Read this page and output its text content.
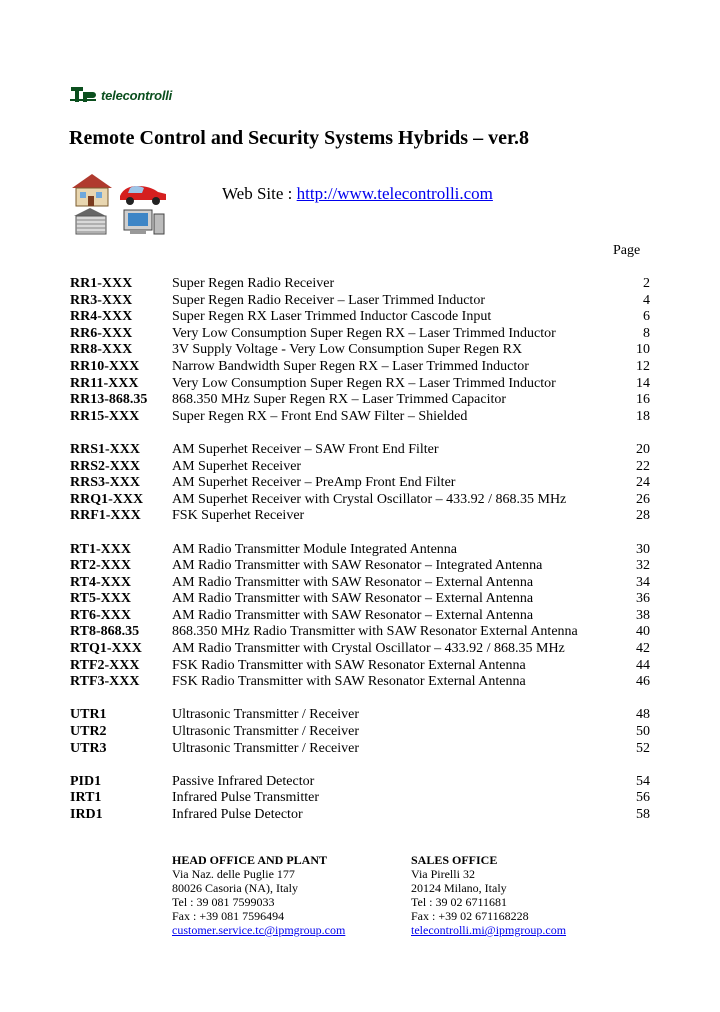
telecontrolli
Remote Control and Security Systems Hybrids – ver.8
Web Site : http://www.telecontrolli.com
Page
RR1-XXX	Super Regen Radio Receiver	2
RR3-XXX	Super Regen Radio Receiver – Laser Trimmed Inductor	4
RR4-XXX	Super Regen RX Laser Trimmed Inductor Cascode Input	6
RR6-XXX	Very Low Consumption Super Regen RX – Laser Trimmed Inductor	8
RR8-XXX	3V Supply Voltage - Very Low Consumption Super Regen RX	10
RR10-XXX Narrow Bandwidth Super Regen RX – Laser Trimmed Inductor	12
RR11-XXX Very Low Consumption Super Regen RX – Laser Trimmed Inductor	14
RR13-868.35 868.350 MHz Super Regen RX – Laser Trimmed Capacitor	16
RR15-XXX Super Regen RX – Front End SAW Filter – Shielded	18
RRS1-XXX AM Superhet Receiver – SAW Front End Filter	20
RRS2-XXX AM Superhet Receiver	22
RRS3-XXX AM Superhet Receiver – PreAmp Front End Filter	24
RRQ1-XXX AM Superhet Receiver with Crystal Oscillator – 433.92 / 868.35 MHz	26
RRF1-XXX FSK Superhet Receiver	28
RT1-XXX	AM Radio Transmitter Module Integrated Antenna	30
RT2-XXX	AM Radio Transmitter with SAW Resonator – Integrated Antenna	32
RT4-XXX	AM Radio Transmitter with SAW Resonator – External Antenna	34
RT5-XXX	AM Radio Transmitter with SAW Resonator – External Antenna	36
RT6-XXX	AM Radio Transmitter with SAW Resonator – External Antenna	38
RT8-868.35 868.350 MHz Radio Transmitter with SAW Resonator External Antenna	40
RTQ1-XXX AM Radio Transmitter with Crystal Oscillator – 433.92 / 868.35 MHz	42
RTF2-XXX FSK Radio Transmitter with SAW Resonator External Antenna	44
RTF3-XXX FSK Radio Transmitter with SAW Resonator External Antenna	46
UTR1	Ultrasonic Transmitter / Receiver	48
UTR2	Ultrasonic Transmitter / Receiver	50
UTR3	Ultrasonic Transmitter / Receiver	52
PID1	Passive Infrared Detector	54
IRT1	Infrared Pulse Transmitter	56
IRD1	Infrared Pulse Detector	58
HEAD OFFICE AND PLANT
Via Naz. delle Puglie 177
80026 Casoria (NA), Italy
Tel : 39 081 7599033
Fax : +39 081 7596494
customer.service.tc@ipmgroup.com
SALES OFFICE
Via Pirelli 32
20124 Milano, Italy
Tel : 39 02 6711681
Fax : +39 02 671168228
telecontrolli.mi@ipmgroup.com
